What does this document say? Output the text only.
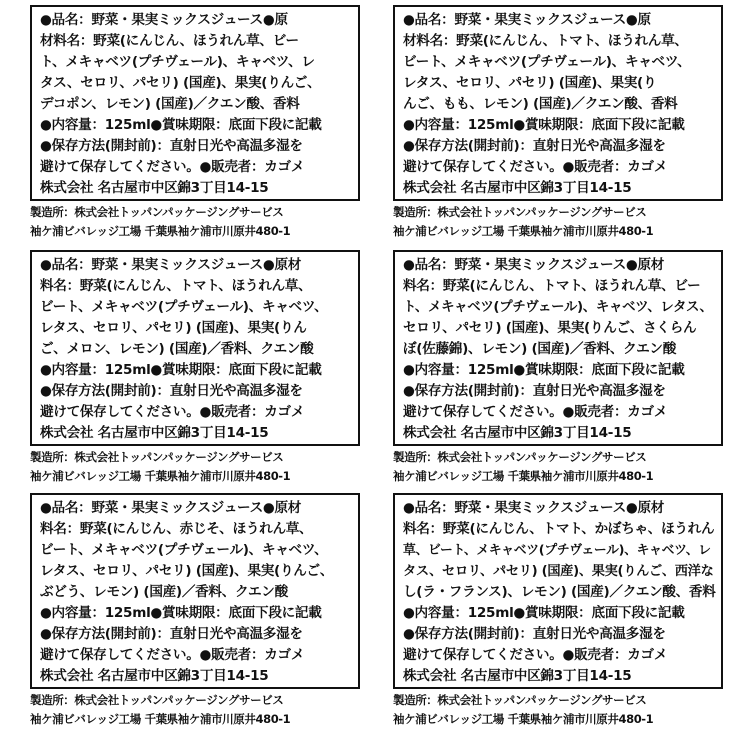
●品名：野菜・果実ミックスジュース●原

材料名：野菜(にんじん、ほうれん草、ビー

ト、メキャベツ(プチヴェール)、キャベツ、レ

タス、セロリ、パセリ) (国産)、果実(りんご、

デコポン、レモン) (国産)／クエン酸、香料

●内容量：125ml●賞味期限：底面下段に記載

●保存方法(開封前)：直射日光や高温多湿を

避けて保存してください。●販売者：カゴメ

株式会社 名古屋市中区錦3丁目14-15

製造所：株式会社トッパンパッケージングサービス

袖ケ浦ビバレッジ工場 千葉県袖ケ浦市川原井480-1

●品名：野菜・果実ミックスジュース●原

材料名：野菜(にんじん、トマト、ほうれん草、

ビート、メキャベツ(プチヴェール)、キャベツ、

レタス、セロリ、パセリ) (国産)、果実(り

んご、もも、レモン) (国産)／クエン酸、香料

●内容量：125ml●賞味期限：底面下段に記載

●保存方法(開封前)：直射日光や高温多湿を

避けて保存してください。●販売者：カゴメ

株式会社 名古屋市中区錦3丁目14-15

製造所：株式会社トッパンパッケージングサービス

袖ケ浦ビバレッジ工場 千葉県袖ケ浦市川原井480-1

●品名：野菜・果実ミックスジュース●原材

料名：野菜(にんじん、トマト、ほうれん草、

ビート、メキャベツ(プチヴェール)、キャベツ、

レタス、セロリ、パセリ) (国産)、果実(りん

ご、メロン、レモン) (国産)／香料、クエン酸

●内容量：125ml●賞味期限：底面下段に記載

●保存方法(開封前)：直射日光や高温多湿を

避けて保存してください。●販売者：カゴメ

株式会社 名古屋市中区錦3丁目14-15

製造所：株式会社トッパンパッケージングサービス

袖ケ浦ビバレッジ工場 千葉県袖ケ浦市川原井480-1

●品名：野菜・果実ミックスジュース●原材

料名：野菜(にんじん、トマト、ほうれん草、ビー

ト、メキャベツ(プチヴェール)、キャベツ、レタス、

セロリ、パセリ) (国産)、果実(りんご、さくらん

ぼ(佐藤錦)、レモン) (国産)／香料、クエン酸

●内容量：125ml●賞味期限：底面下段に記載

●保存方法(開封前)：直射日光や高温多湿を

避けて保存してください。●販売者：カゴメ

株式会社 名古屋市中区錦3丁目14-15

製造所：株式会社トッパンパッケージングサービス

袖ケ浦ビバレッジ工場 千葉県袖ケ浦市川原井480-1

●品名：野菜・果実ミックスジュース●原材

料名：野菜(にんじん、赤じそ、ほうれん草、

ビート、メキャベツ(プチヴェール)、キャベツ、

レタス、セロリ、パセリ) (国産)、果実(りんご、

ぶどう、レモン) (国産)／香料、クエン酸

●内容量：125ml●賞味期限：底面下段に記載

●保存方法(開封前)：直射日光や高温多湿を

避けて保存してください。●販売者：カゴメ

株式会社 名古屋市中区錦3丁目14-15

製造所：株式会社トッパンパッケージングサービス

袖ケ浦ビバレッジ工場 千葉県袖ケ浦市川原井480-1

●品名：野菜・果実ミックスジュース●原材

料名：野菜(にんじん、トマト、かぼちゃ、ほうれん

草、ビート、メキャベツ(プチヴェール)、キャベツ、レ

タス、セロリ、パセリ) (国産)、果実(りんご、西洋な

し(ラ・フランス)、レモン) (国産)／クエン酸、香料

●内容量：125ml●賞味期限：底面下段に記載

●保存方法(開封前)：直射日光や高温多湿を

避けて保存してください。●販売者：カゴメ

株式会社 名古屋市中区錦3丁目14-15

製造所：株式会社トッパンパッケージングサービス

袖ケ浦ビバレッジ工場 千葉県袖ケ浦市川原井480-1
